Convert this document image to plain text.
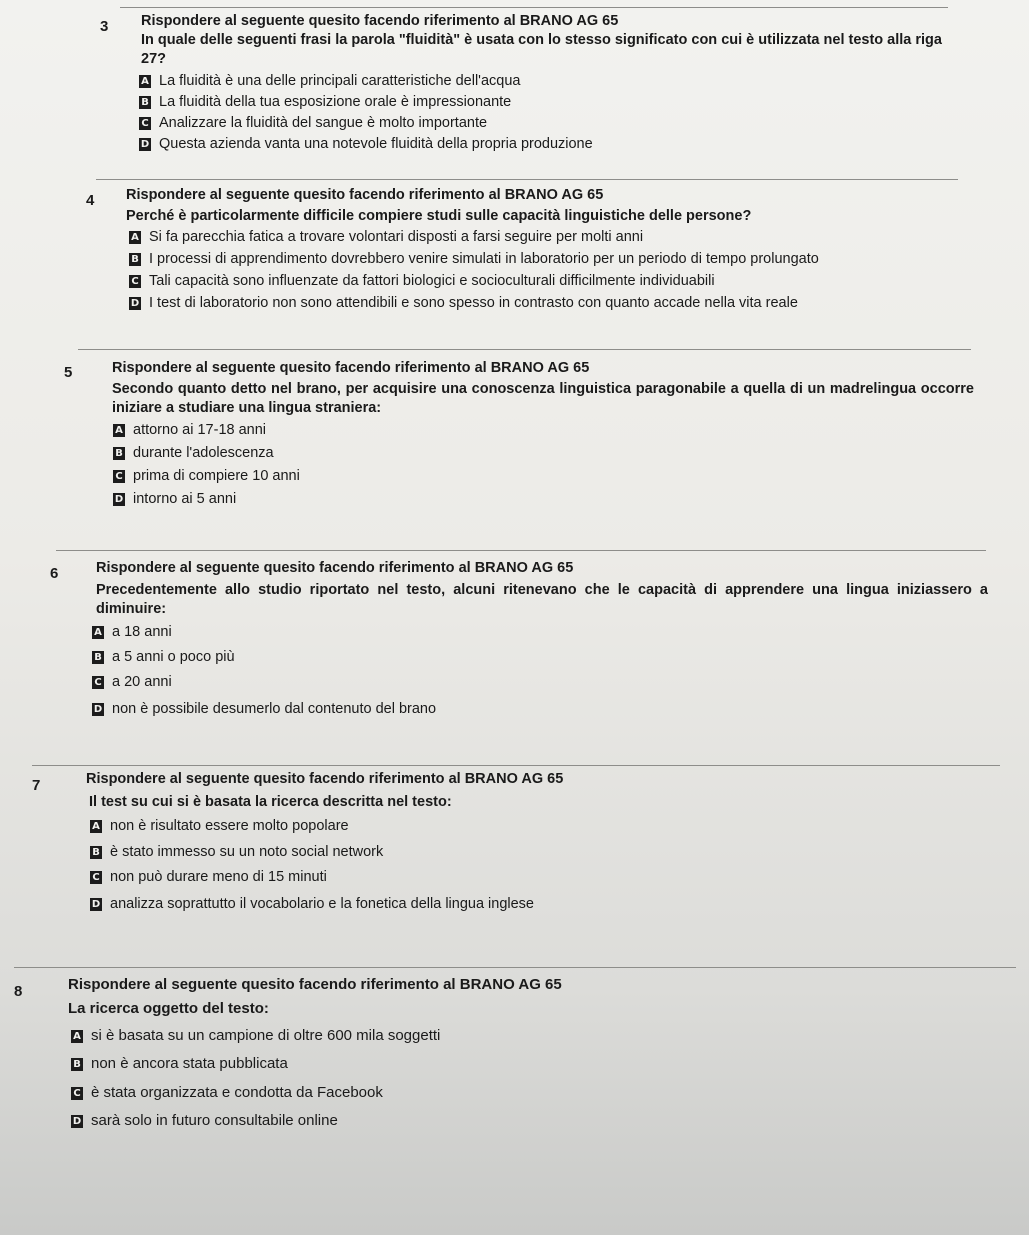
3 Rispondere al seguente quesito facendo riferimento al BRANO AG 65
In quale delle seguenti frasi la parola "fluidità" è usata con lo stesso significato con cui è utilizzata nel testo alla riga 27?
A La fluidità è una delle principali caratteristiche dell'acqua
B La fluidità della tua esposizione orale è impressionante
C Analizzare la fluidità del sangue è molto importante
D Questa azienda vanta una notevole fluidità della propria produzione
4 Rispondere al seguente quesito facendo riferimento al BRANO AG 65
Perché è particolarmente difficile compiere studi sulle capacità linguistiche delle persone?
A Si fa parecchia fatica a trovare volontari disposti a farsi seguire per molti anni
B I processi di apprendimento dovrebbero venire simulati in laboratorio per un periodo di tempo prolungato
C Tali capacità sono influenzate da fattori biologici e socioculturali difficilmente individuabili
D I test di laboratorio non sono attendibili e sono spesso in contrasto con quanto accade nella vita reale
5	Rispondere al seguente quesito facendo riferimento al BRANO AG 65
Secondo quanto detto nel brano, per acquisire una conoscenza linguistica paragonabile a quella di un madrelingua occorre iniziare a studiare una lingua straniera:
A attorno ai 17-18 anni
B durante l'adolescenza
C prima di compiere 10 anni
D intorno ai 5 anni
6	Rispondere al seguente quesito facendo riferimento al BRANO AG 65
Precedentemente allo studio riportato nel testo, alcuni ritenevano che le capacità di apprendere una lingua iniziassero a diminuire:
A a 18 anni
B a 5 anni o poco più
C a 20 anni
D non è possibile desumerlo dal contenuto del brano
7	Rispondere al seguente quesito facendo riferimento al BRANO AG 65
Il test su cui si è basata la ricerca descritta nel testo:
A non è risultato essere molto popolare
B è stato immesso su un noto social network
C non può durare meno di 15 minuti
D analizza soprattutto il vocabolario e la fonetica della lingua inglese
8	Rispondere al seguente quesito facendo riferimento al BRANO AG 65
La ricerca oggetto del testo:
A si è basata su un campione di oltre 600 mila soggetti
B non è ancora stata pubblicata
C è stata organizzata e condotta da Facebook
D sarà solo in futuro consultabile online
